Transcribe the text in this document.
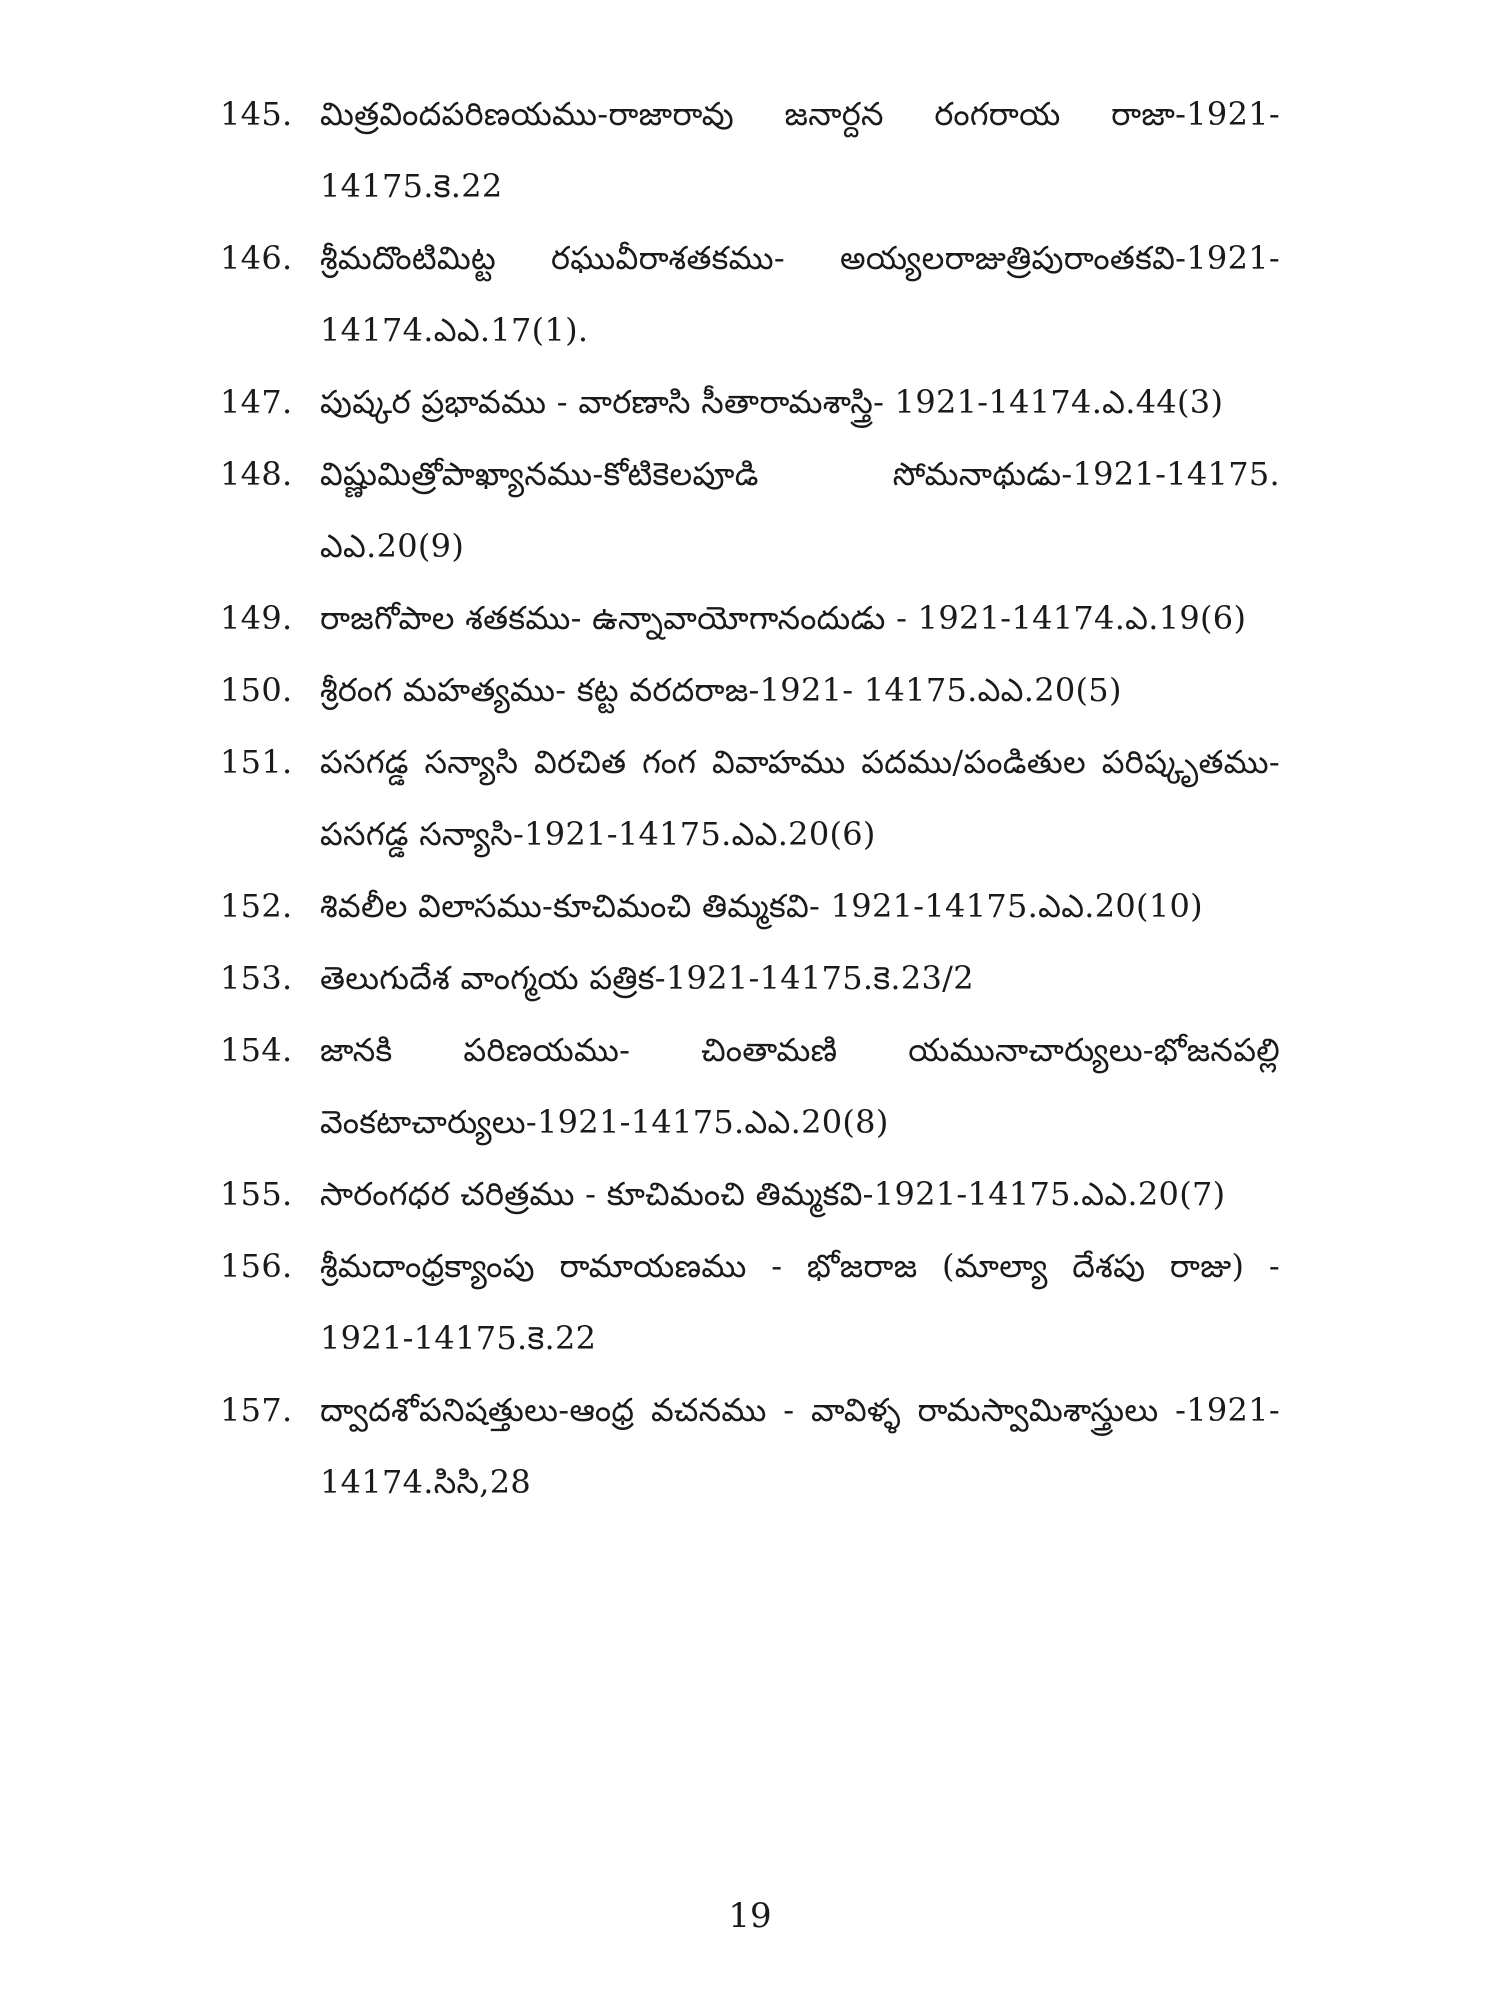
145. మిత్రవిందపరిణయము-రాజారావు జనార్దన రంగరాయ రాజా-1921-14175.కె.22
146. శ్రీమదొంటిమిట్ట రఘువీరాశతకము- అయ్యలరాజుత్రిపురాంతకవి-1921-14174.ఎఎ.17(1).
147. పుష్కర ప్రభావము - వారణాసి సీతారామశాస్త్రి- 1921-14174.ఎ.44(3)
148. విష్ణుమిత్రోపాఖ్యానము-కోటికెలపూడి సోమనాథుడు-1921-14175. ఎఎ.20(9)
149. రాజగోపాల శతకము- ఉన్నావాయోగానందుడు - 1921-14174.ఎ.19(6)
150. శ్రీరంగ మహత్యము- కట్ట వరదరాజ-1921- 14175.ఎఎ.20(5)
151. పసగడ్డ సన్యాసి విరచిత గంగ వివాహము పదము/పండితుల పరిష్కృతము-పసగడ్డ సన్యాసి-1921-14175.ఎఎ.20(6)
152. శివలీల విలాసము-కూచిమంచి తిమ్మకవి- 1921-14175.ఎఎ.20(10)
153. తెలుగుదేశ వాంగ్మయ పత్రిక-1921-14175.కె.23/2
154. జానకి పరిణయము- చింతామణి యమునాచార్యులు-భోజనపల్లి వెంకటాచార్యులు-1921-14175.ఎఎ.20(8)
155. సారంగధర చరిత్రము - కూచిమంచి తిమ్మకవి-1921-14175.ఎఎ.20(7)
156. శ్రీమదాంధ్రక్యాంపు రామాయణము - భోజరాజ (మాల్యా దేశపు రాజు) - 1921-14175.కె.22
157. ద్వాదశోపనిషత్తులు-ఆంధ్ర వచనము - వావిళ్ళ రామస్వామిశాస్త్రులు -1921-14174.సిసి,28
19
